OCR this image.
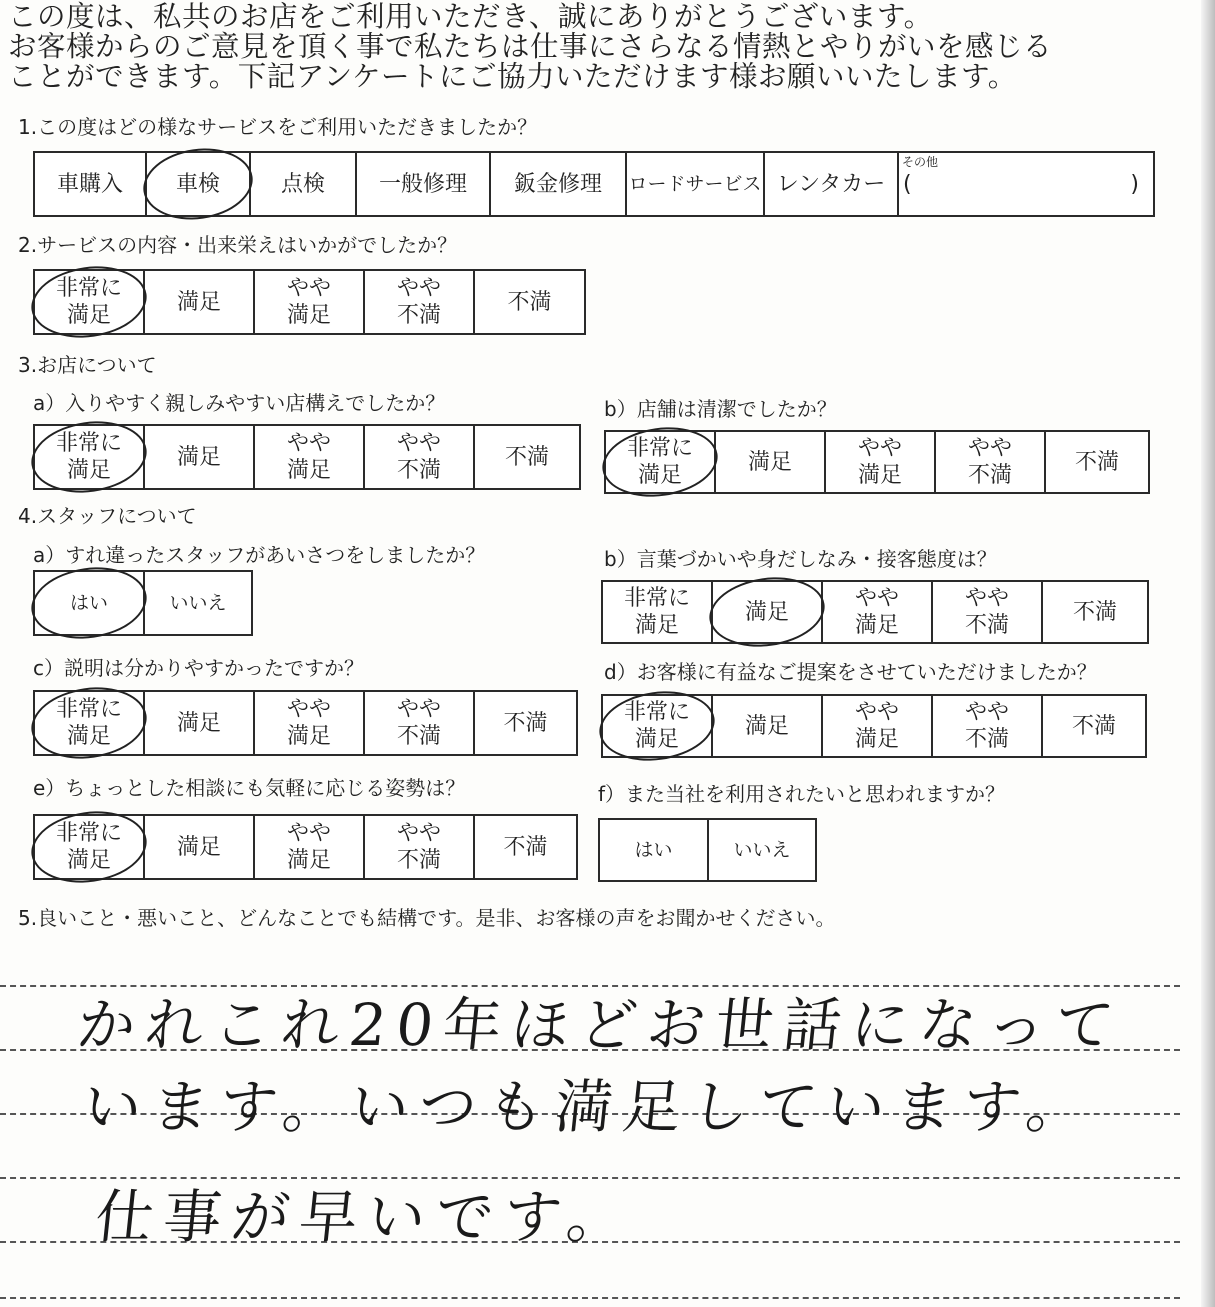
この度は、私共のお店をご利用いただき、誠にありがとうございます。
お客様からのご意見を頂く事で私たちは仕事にさらなる情熱とやりがいを感じる
ことができます。下記アンケートにご協力いただけます様お願いいたします。
1.この度はどの様なサービスをご利用いただきましたか？
車購入 車検	点検 一般修理 鈑金修理 ロードサービス レンタカー
その他
(	)
2.サービスの内容・出来栄えはいかがでしたか？
非常に
満足
満足
やや
満足
やや
不満
不満
3.お店について
a）入りやすく親しみやすい店構えでしたか？
非常に
満足
満足
やや
満足
やや
不満
不満
b）店舗は清潔でしたか？
非常に
満足
満足
やや
満足
やや
不満
不満
4.スタッフについて
a）すれ違ったスタッフがあいさつをしましたか？
はい	いいえ
b）言葉づかいや身だしなみ・接客態度は？
非常に
満足
満足
やや
満足
やや
不満
不満
c）説明は分かりやすかったですか？
非常に
満足
満足
やや
満足
やや
不満
不満
d）お客様に有益なご提案をさせていただけましたか？
非常に
満足
満足
やや
満足
やや
不満
不満
e）ちょっとした相談にも気軽に応じる姿勢は？
非常に
満足
満足
やや
満足
やや
不満
不満
f）また当社を利用されたいと思われますか？
はい	いいえ
5.良いこと・悪いこと、どんなことでも結構です。是非、お客様の声をお聞かせください。
かれこれ20年ほどお世話になって
います。いつも満足しています。
仕事が早いです。
